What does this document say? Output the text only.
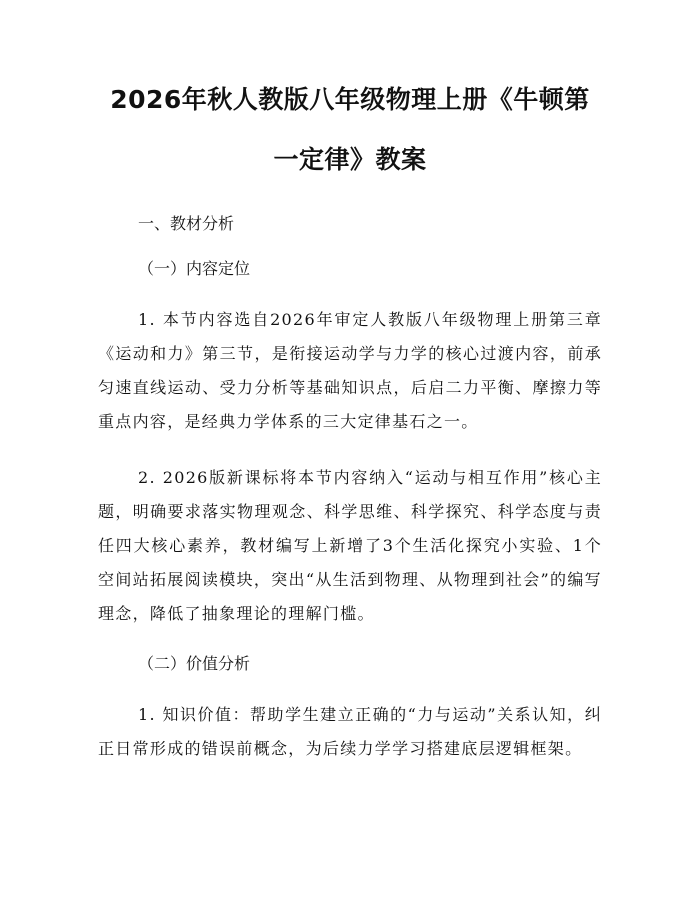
2026年秋人教版八年级物理上册《牛顿第一定律》教案
一、教材分析
（一）内容定位

1. 本节内容选自2026年审定人教版八年级物理上册第三章《运动和力》第三节，是衔接运动学与力学的核心过渡内容，前承匀速直线运动、受力分析等基础知识点，后启二力平衡、摩擦力等重点内容，是经典力学体系的三大定律基石之一。

2. 2026版新课标将本节内容纳入“运动与相互作用”核心主题，明确要求落实物理观念、科学思维、科学探究、科学态度与责任四大核心素养，教材编写上新增了3个生活化探究小实验、1个空间站拓展阅读模块，突出“从生活到物理、从物理到社会”的编写理念，降低了抽象理论的理解门槛。

（二）价值分析

1. 知识价值：帮助学生建立正确的“力与运动”关系认知，纠正日常形成的错误前概念，为后续力学学习搭建底层逻辑框架。
